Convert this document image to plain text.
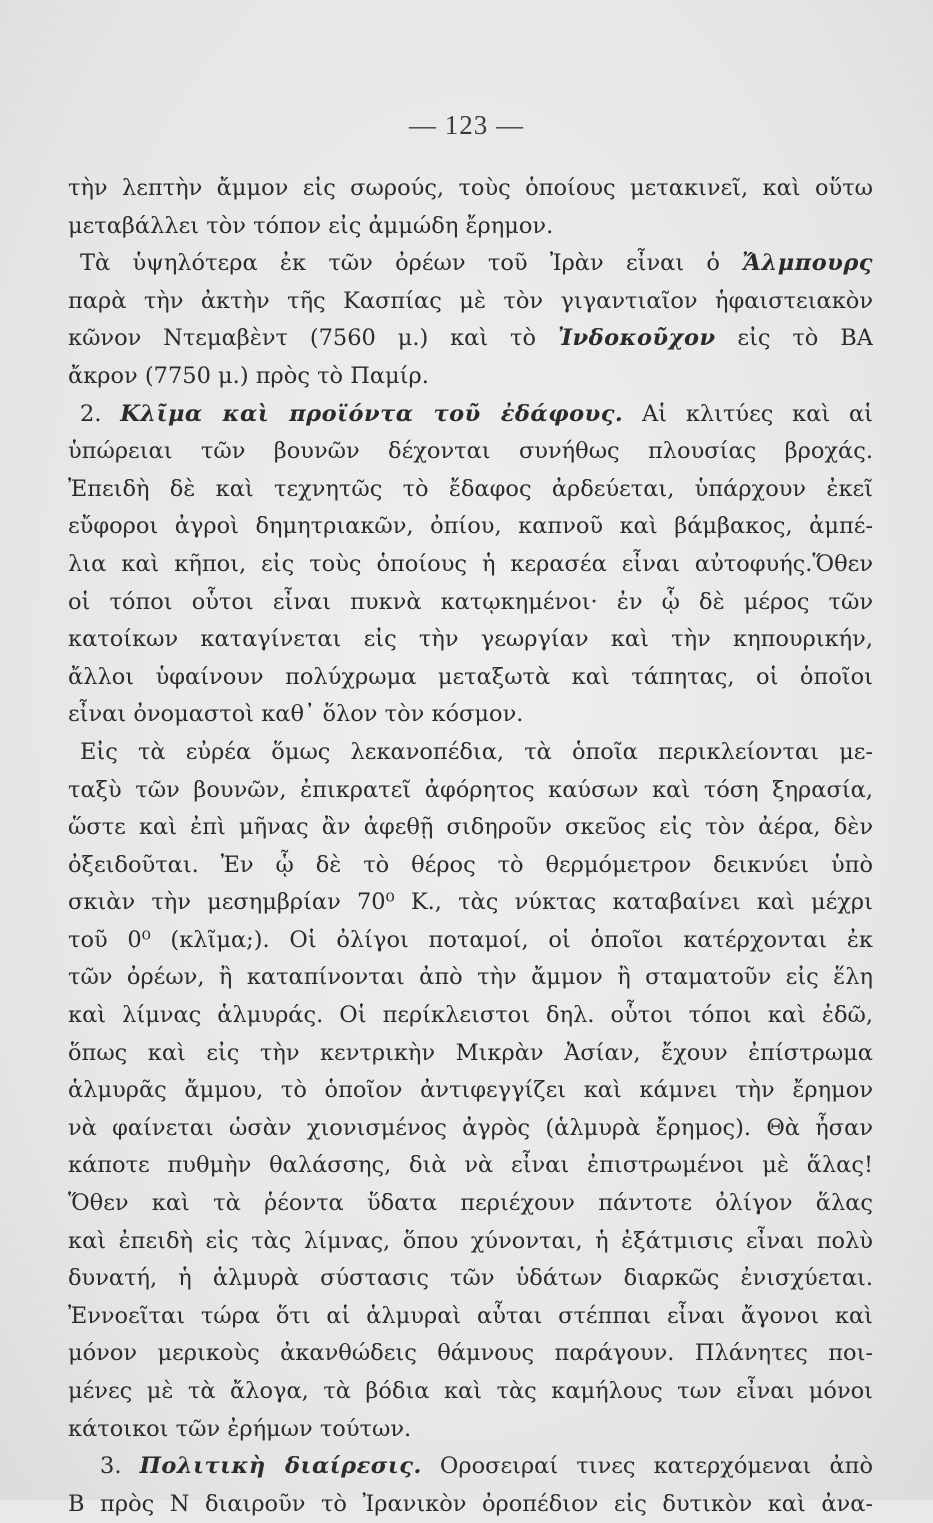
— 123 —
τὴν λεπτὴν ἄμμον εἰς σωρούς, τοὺς ὁποίους μετακινεῖ, καὶ οὕτω
μεταβάλλει τὸν τόπον εἰς ἀμμώδη ἔρημον.
Τὰ ὑψηλότερα ἐκ τῶν ὀρέων τοῦ Ἰρὰν εἶναι ὁ Ἄλμπουρς
παρὰ τὴν ἀκτὴν τῆς Κασπίας μὲ τὸν γιγαντιαῖον ἡφαιστειακὸν
κῶνον Ντεμαβὲντ (7560 μ.) καὶ τὸ Ἰνδοκοῦχον εἰς τὸ ΒΑ
ἄκρον (7750 μ.) πρὸς τὸ Παμίρ.
2. Κλῖμα καὶ προϊόντα τοῦ ἐδάφους. Αἱ κλιτύες καὶ αἱ
ὑπώρειαι τῶν βουνῶν δέχονται συνήθως πλουσίας βροχάς.
Ἐπειδὴ δὲ καὶ τεχνητῶς τὸ ἔδαφος ἀρδεύεται, ὑπάρχουν ἐκεῖ
εὔφοροι ἀγροὶ δημητριακῶν, ὀπίου, καπνοῦ καὶ βάμβακος, ἀμπέ-
λια καὶ κῆποι, εἰς τοὺς ὁποίους ἡ κερασέα εἶναι αὐτοφυής.Ὅθεν
οἱ τόποι οὗτοι εἶναι πυκνὰ κατῳκημένοι· ἐν ᾧ δὲ μέρος τῶν
κατοίκων καταγίνεται εἰς τὴν γεωργίαν καὶ τὴν κηπουρικήν,
ἄλλοι ὑφαίνουν πολύχρωμα μεταξωτὰ καὶ τάπητας, οἱ ὁποῖοι
εἶναι ὀνομαστοὶ καθ᾿ ὅλον τὸν κόσμον.
Εἰς τὰ εὐρέα ὅμως λεκανοπέδια, τὰ ὁποῖα περικλείονται με-
ταξὺ τῶν βουνῶν, ἐπικρατεῖ ἀφόρητος καύσων καὶ τόση ξηρασία,
ὥστε καὶ ἐπὶ μῆνας ἂν ἀφεθῇ σιδηροῦν σκεῦος εἰς τὸν ἀέρα, δὲν
ὀξειδοῦται. Ἐν ᾧ δὲ τὸ θέρος τὸ θερμόμετρον δεικνύει ὑπὸ
σκιὰν τὴν μεσημβρίαν 70⁰ Κ., τὰς νύκτας καταβαίνει καὶ μέχρι
τοῦ 0⁰ (κλῖμα;). Οἱ ὀλίγοι ποταμοί, οἱ ὁποῖοι κατέρχονται ἐκ
τῶν ὀρέων, ἢ καταπίνονται ἀπὸ τὴν ἄμμον ἢ σταματοῦν εἰς ἕλη
καὶ λίμνας ἁλμυράς. Οἱ περίκλειστοι δηλ. οὗτοι τόποι καὶ ἐδῶ,
ὅπως καὶ εἰς τὴν κεντρικὴν Μικρὰν Ἀσίαν, ἔχουν ἐπίστρωμα
ἁλμυρᾶς ἄμμου, τὸ ὁποῖον ἀντιφεγγίζει καὶ κάμνει τὴν ἔρημον
νὰ φαίνεται ὡσὰν χιονισμένος ἀγρὸς (ἁλμυρὰ ἔρημος). Θὰ ἦσαν
κάποτε πυθμὴν θαλάσσης, διὰ νὰ εἶναι ἐπιστρωμένοι μὲ ἅλας!
Ὅθεν καὶ τὰ ῥέοντα ὕδατα περιέχουν πάντοτε ὀλίγον ἅλας
καὶ ἐπειδὴ εἰς τὰς λίμνας, ὅπου χύνονται, ἡ ἐξάτμισις εἶναι πολὺ
δυνατή, ἡ ἁλμυρὰ σύστασις τῶν ὑδάτων διαρκῶς ἐνισχύεται.
Ἐννοεῖται τώρα ὅτι αἱ ἁλμυραὶ αὗται στέππαι εἶναι ἄγονοι καὶ
μόνον μερικοὺς ἀκανθώδεις θάμνους παράγουν. Πλάνητες ποι-
μένες μὲ τὰ ἄλογα, τὰ βόδια καὶ τὰς καμήλους των εἶναι μόνοι
κάτοικοι τῶν ἐρήμων τούτων.
3. Πολιτικὴ διαίρεσις. Οροσειραί τινες κατερχόμεναι ἀπὸ
Β πρὸς Ν διαιροῦν τὸ Ἰρανικὸν ὀροπέδιον εἰς δυτικὸν καὶ ἀνα-
